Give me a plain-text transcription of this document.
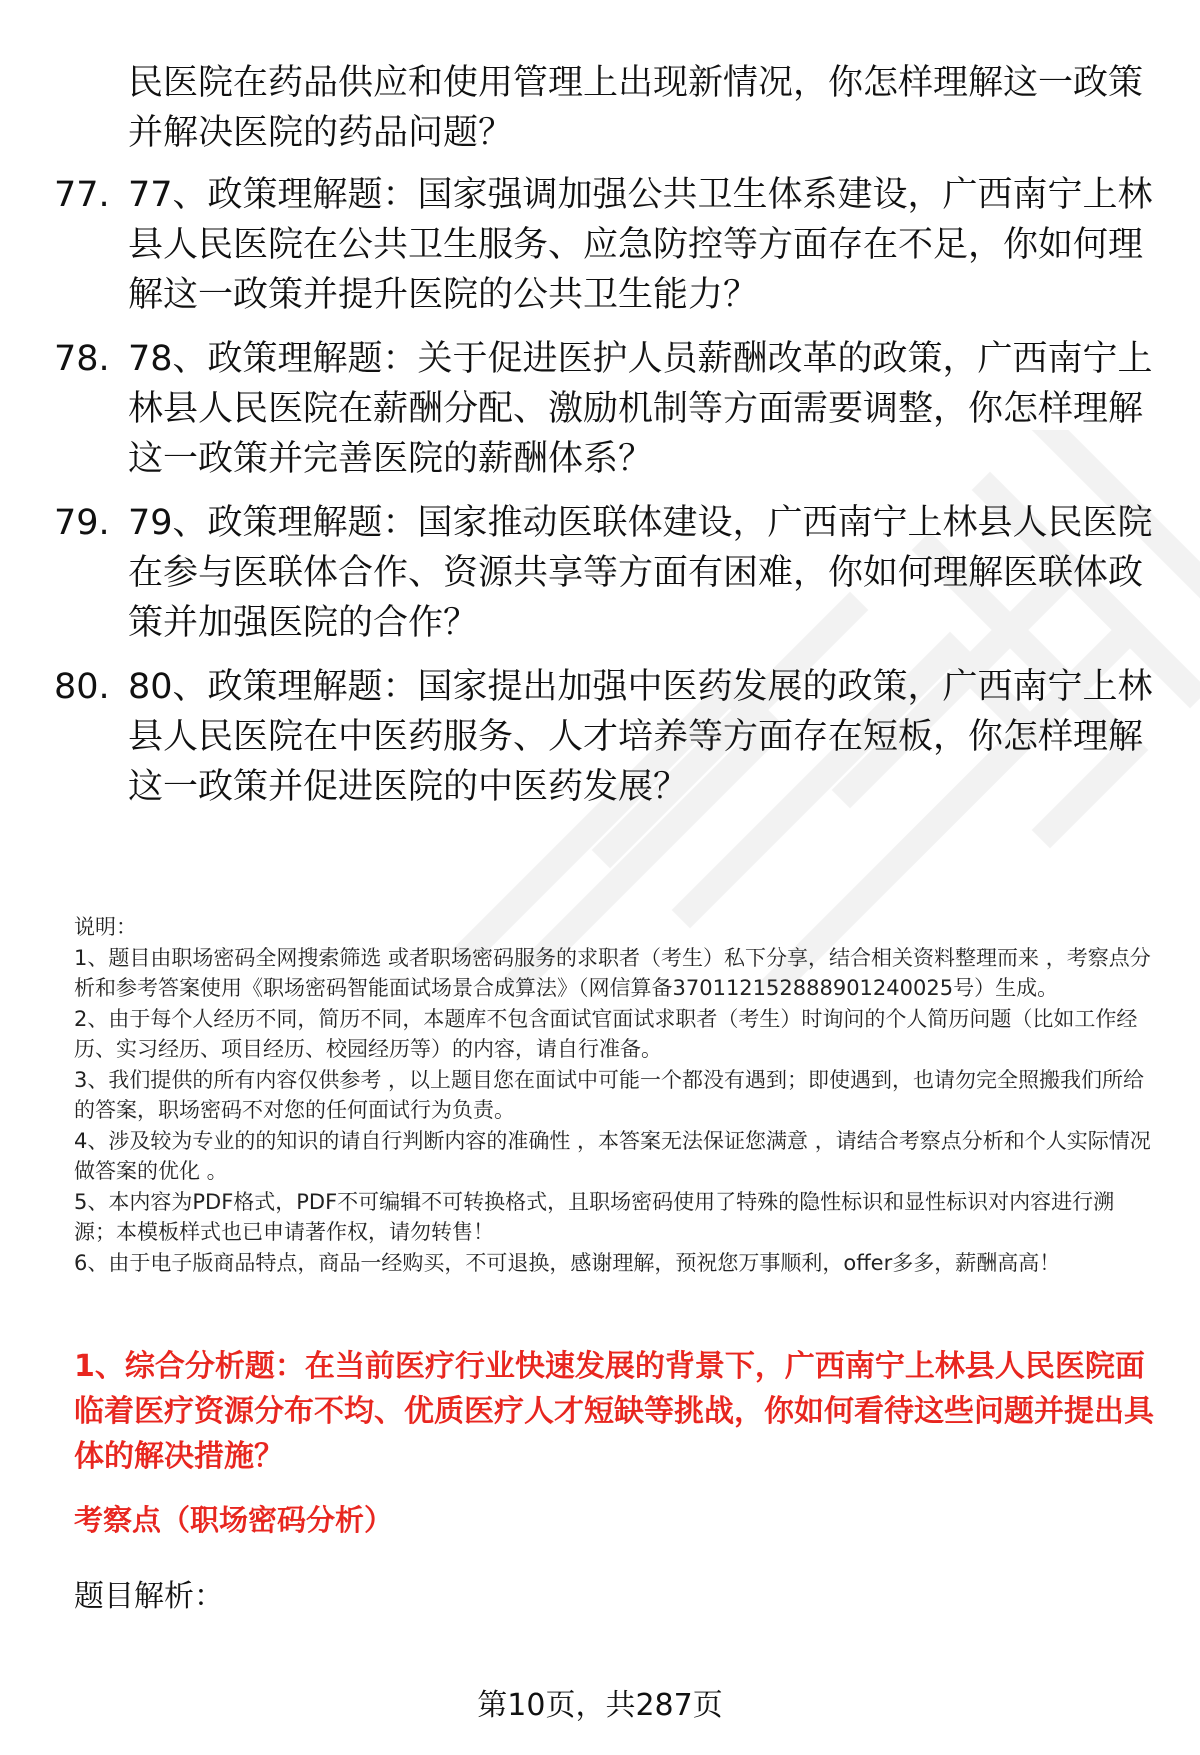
民医院在药品供应和使用管理上出现新情况，你怎样理解这一政策并解决医院的药品问题？

77. 77、政策理解题：国家强调加强公共卫生体系建设，广西南宁上林县人民医院在公共卫生服务、应急防控等方面存在不足，你如何理解这一政策并提升医院的公共卫生能力？

78. 78、政策理解题：关于促进医护人员薪酬改革的政策，广西南宁上林县人民医院在薪酬分配、激励机制等方面需要调整，你怎样理解这一政策并完善医院的薪酬体系？

79. 79、政策理解题：国家推动医联体建设，广西南宁上林县人民医院在参与医联体合作、资源共享等方面有困难，你如何理解医联体政策并加强医院的合作？

80. 80、政策理解题：国家提出加强中医药发展的政策，广西南宁上林县人民医院在中医药服务、人才培养等方面存在短板，你怎样理解这一政策并促进医院的中医药发展？

说明：

1、题目由职场密码全网搜索筛选 或者职场密码服务的求职者（考生）私下分享，结合相关资料整理而来 ，考察点分析和参考答案使用《职场密码智能面试场景合成算法》（网信算备370112152888901240025号）生成。

2、由于每个人经历不同，简历不同，本题库不包含面试官面试求职者（考生）时询问的个人简历问题（比如工作经历、实习经历、项目经历、校园经历等）的内容，请自行准备。

3、我们提供的所有内容仅供参考 ，以上题目您在面试中可能一个都没有遇到；即使遇到，也请勿完全照搬我们所给的答案，职场密码不对您的任何面试行为负责。

4、涉及较为专业的的知识的请自行判断内容的准确性 ，本答案无法保证您满意 ，请结合考察点分析和个人实际情况做答案的优化 。

5、本内容为PDF格式，PDF不可编辑不可转换格式，且职场密码使用了特殊的隐性标识和显性标识对内容进行溯源；本模板样式也已申请著作权，请勿转售！

6、由于电子版商品特点，商品一经购买，不可退换，感谢理解，预祝您万事顺利，offer多多，薪酬高高！

1、综合分析题：在当前医疗行业快速发展的背景下，广西南宁上林县人民医院面临着医疗资源分布不均、优质医疗人才短缺等挑战，你如何看待这些问题并提出具体的解决措施？

考察点（职场密码分析）

题目解析：

第10页，共287页
